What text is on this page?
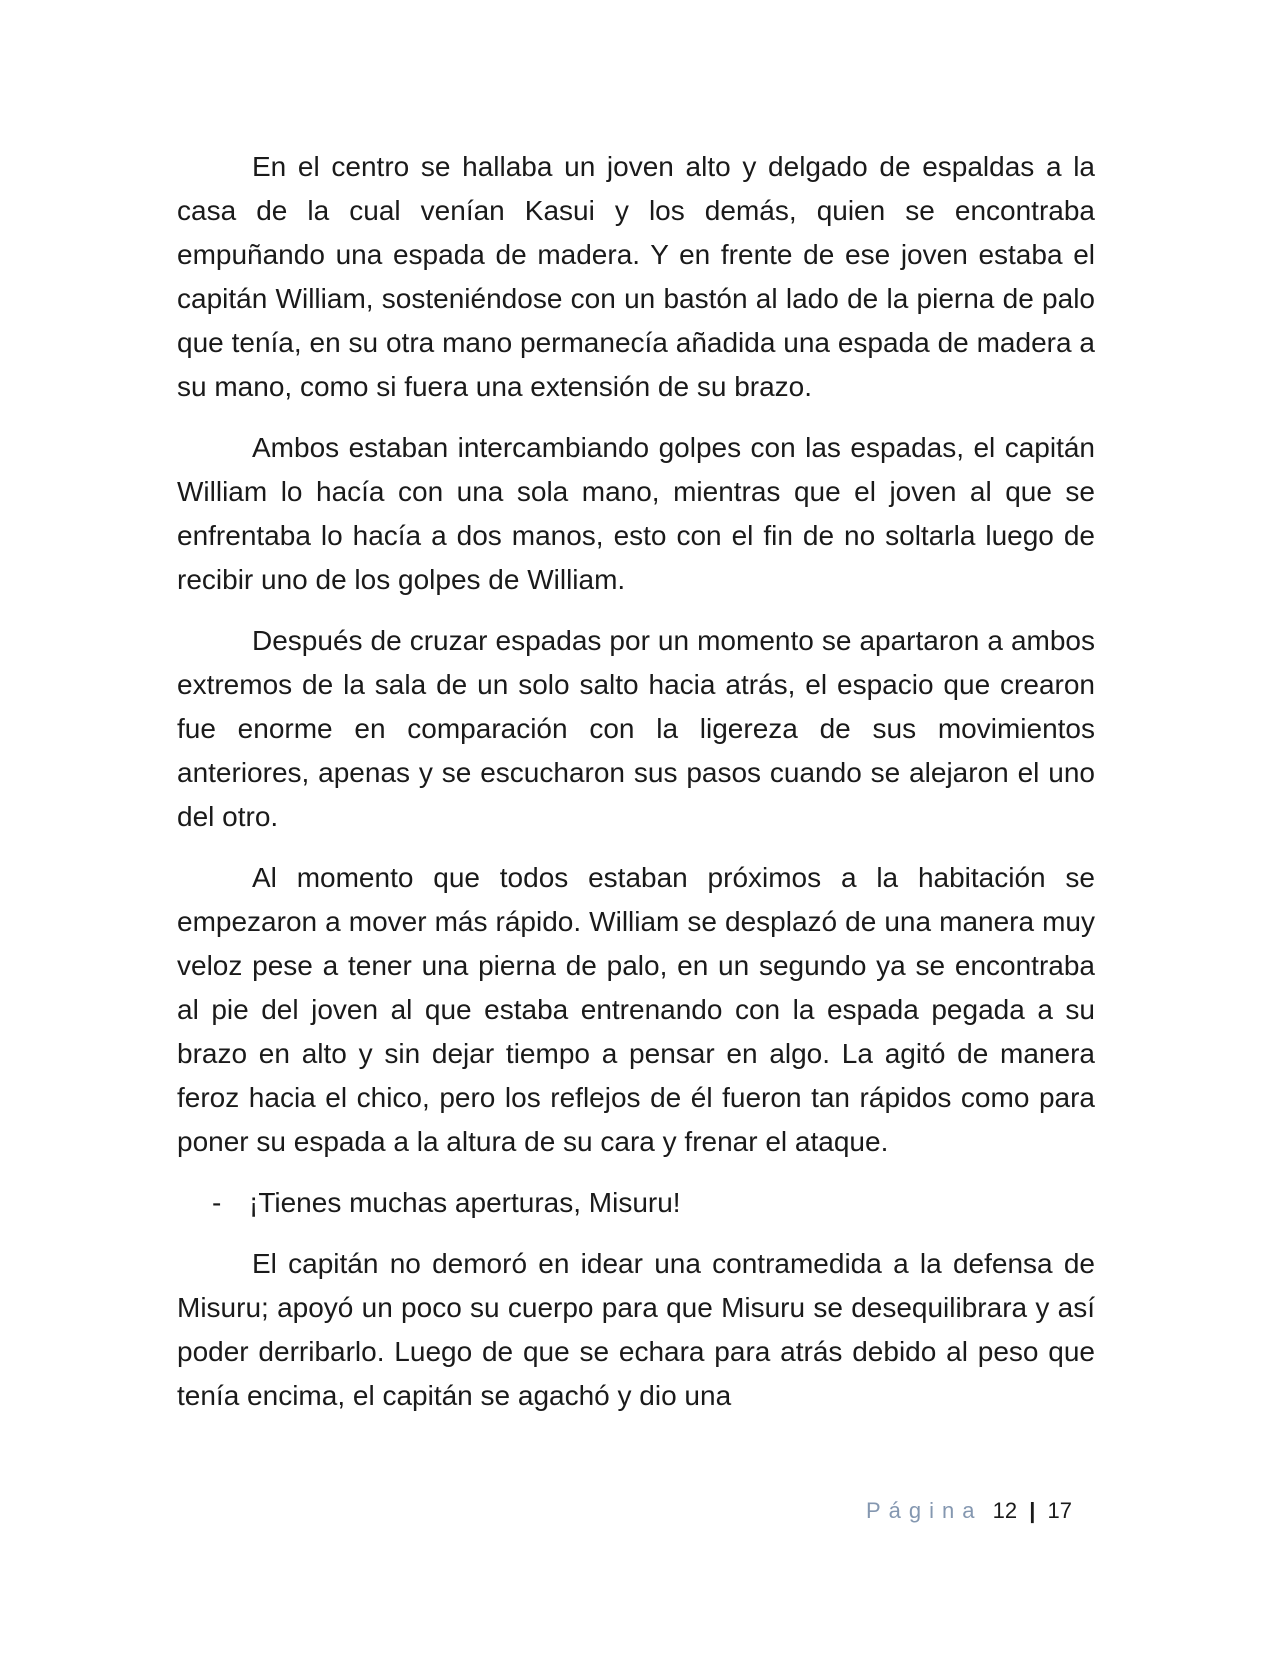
En el centro se hallaba un joven alto y delgado de espaldas a la casa de la cual venían Kasui y los demás, quien se encontraba empuñando una espada de madera. Y en frente de ese joven estaba el capitán William, sosteniéndose con un bastón al lado de la pierna de palo que tenía, en su otra mano permanecía añadida una espada de madera a su mano, como si fuera una extensión de su brazo.

Ambos estaban intercambiando golpes con las espadas, el capitán William lo hacía con una sola mano, mientras que el joven al que se enfrentaba lo hacía a dos manos, esto con el fin de no soltarla luego de recibir uno de los golpes de William.

Después de cruzar espadas por un momento se apartaron a ambos extremos de la sala de un solo salto hacia atrás, el espacio que crearon fue enorme en comparación con la ligereza de sus movimientos anteriores, apenas y se escucharon sus pasos cuando se alejaron el uno del otro.

Al momento que todos estaban próximos a la habitación se empezaron a mover más rápido. William se desplazó de una manera muy veloz pese a tener una pierna de palo, en un segundo ya se encontraba al pie del joven al que estaba entrenando con la espada pegada a su brazo en alto y sin dejar tiempo a pensar en algo. La agitó de manera feroz hacia el chico, pero los reflejos de él fueron tan rápidos como para poner su espada a la altura de su cara y frenar el ataque.

- ¡Tienes muchas aperturas, Misuru!

El capitán no demoró en idear una contramedida a la defensa de Misuru; apoyó un poco su cuerpo para que Misuru se desequilibrara y así poder derribarlo. Luego de que se echara para atrás debido al peso que tenía encima, el capitán se agachó y dio una

Página 12 | 17
